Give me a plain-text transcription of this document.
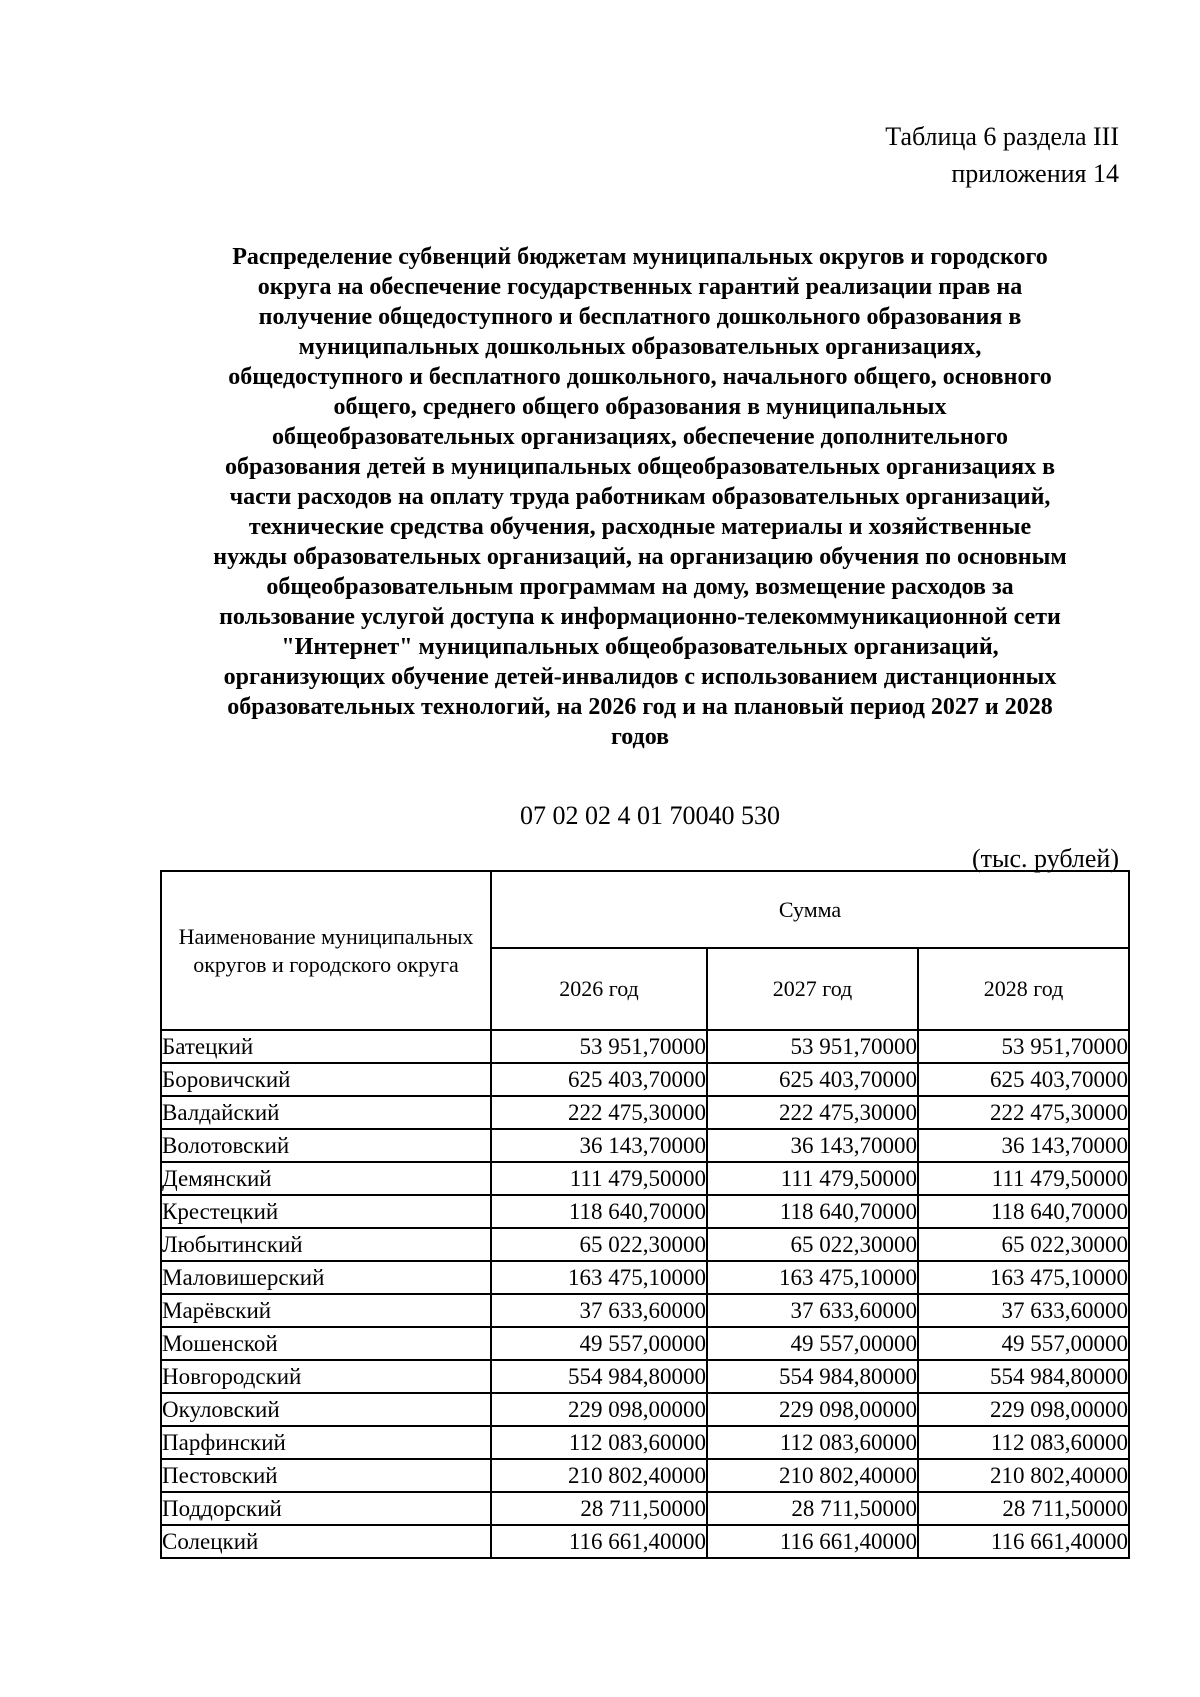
Таблица 6 раздела III
приложения 14
Распределение субвенций бюджетам муниципальных округов и городского
округа на обеспечение государственных гарантий реализации прав на
получение общедоступного и бесплатного дошкольного образования в
муниципальных дошкольных образовательных организациях,
общедоступного и бесплатного дошкольного, начального общего, основного
общего, среднего общего образования в муниципальных
общеобразовательных организациях, обеспечение дополнительного
образования детей в муниципальных общеобразовательных организациях в
части расходов на оплату труда работникам образовательных организаций,
технические средства обучения, расходные материалы и хозяйственные
нужды образовательных организаций, на организацию обучения по основным
общеобразовательным программам на дому, возмещение расходов за
пользование услугой доступа к информационно-телекоммуникационной сети
"Интернет" муниципальных общеобразовательных организаций,
организующих обучение детей-инвалидов с использованием дистанционных
образовательных технологий, на 2026 год и на плановый период 2027 и 2028
годов
07 02 02 4 01 70040 530
(тыс. рублей)
Наименование муниципальных округов и городского округа	Сумма		
	2026 год	2027 год	2028 год
Батецкий	53 951,70000	53 951,70000	53 951,70000
Боровичский	625 403,70000	625 403,70000	625 403,70000
Валдайский	222 475,30000	222 475,30000	222 475,30000
Волотовский	36 143,70000	36 143,70000	36 143,70000
Демянский	111 479,50000	111 479,50000	111 479,50000
Крестецкий	118 640,70000	118 640,70000	118 640,70000
Любытинский	65 022,30000	65 022,30000	65 022,30000
Маловишерский	163 475,10000	163 475,10000	163 475,10000
Марёвский	37 633,60000	37 633,60000	37 633,60000
Мошенской	49 557,00000	49 557,00000	49 557,00000
Новгородский	554 984,80000	554 984,80000	554 984,80000
Окуловский	229 098,00000	229 098,00000	229 098,00000
Парфинский	112 083,60000	112 083,60000	112 083,60000
Пестовский	210 802,40000	210 802,40000	210 802,40000
Поддорский	28 711,50000	28 711,50000	28 711,50000
Солецкий	116 661,40000	116 661,40000	116 661,40000
